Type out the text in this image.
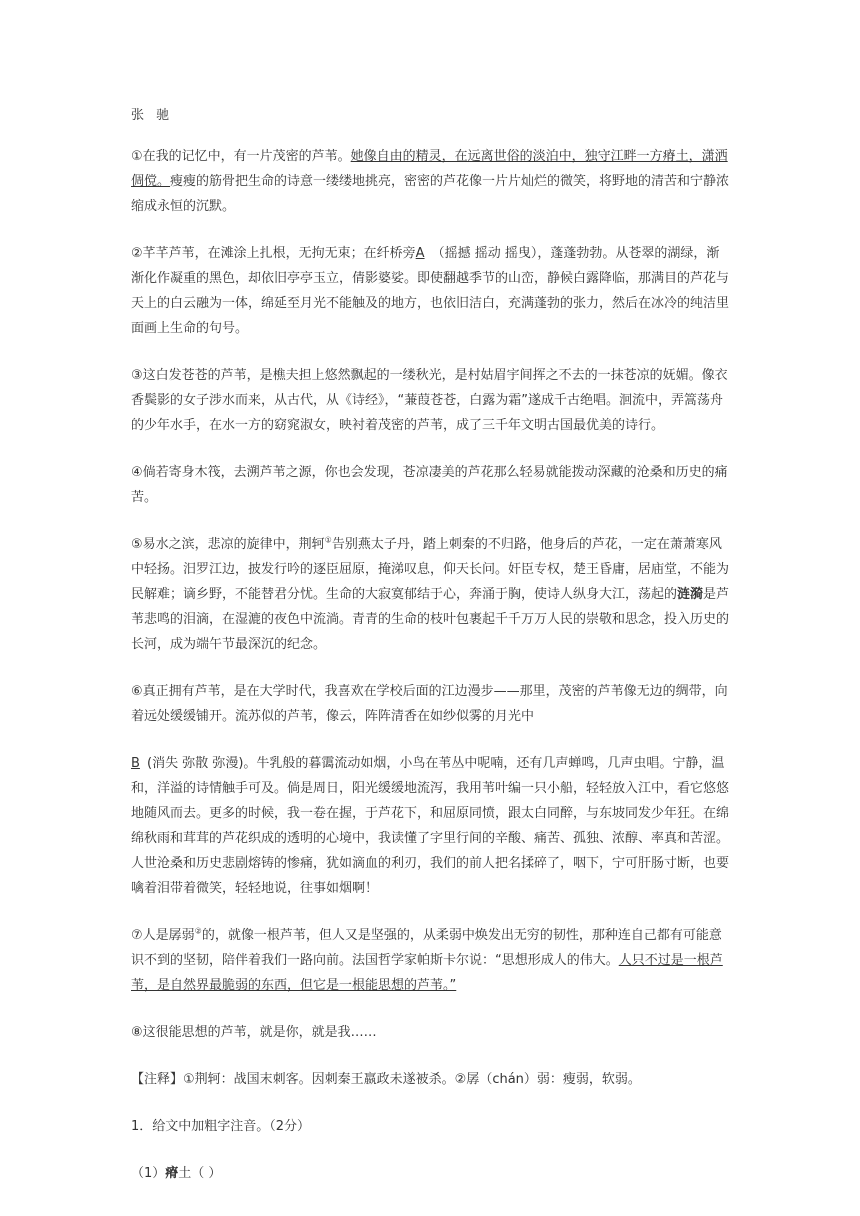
张 驰

①在我的记忆中，有一片茂密的芦苇。她像自由的精灵，在远离世俗的淡泊中，独守江畔一方瘠土，潇洒倜傥。瘦瘦的筋骨把生命的诗意一缕缕地挑亮，密密的芦花像一片片灿烂的微笑，将野地的清苦和宁静浓缩成永恒的沉默。

②芊芊芦苇，在滩涂上扎根，无拘无束；在纤桥旁A（摇撼 摇动 摇曳），蓬蓬勃勃。从苍翠的湖绿，渐渐化作凝重的黑色，却依旧亭亭玉立，倩影婆娑。即使翻越季节的山峦，静候白露降临，那满目的芦花与天上的白云融为一体，绵延至月光不能触及的地方，也依旧洁白，充满蓬勃的张力，然后在冰冷的纯洁里面画上生命的句号。

③这白发苍苍的芦苇，是樵夫担上悠然飘起的一缕秋光，是村姑眉宇间挥之不去的一抹苍凉的妩媚。像衣香鬓影的女子涉水而来，从古代，从《诗经》，“蒹葭苍苍，白露为霜”遂成千古绝唱。洄流中，弄篙荡舟的少年水手，在水一方的窈窕淑女，映衬着茂密的芦苇，成了三千年文明古国最优美的诗行。

④倘若寄身木筏，去溯芦苇之源，你也会发现，苍凉凄美的芦花那么轻易就能拨动深藏的沧桑和历史的痛苦。

⑤易水之滨，悲凉的旋律中，荆轲①告别燕太子丹，踏上刺秦的不归路，他身后的芦花，一定在萧萧寒风中轻扬。汨罗江边，披发行吟的逐臣屈原，掩涕叹息，仰天长问。奸臣专权，楚王昏庸，居庙堂，不能为民解难；谪乡野，不能替君分忧。生命的大寂寞郁结于心，奔涌于胸，使诗人纵身大江，荡起的涟漪是芦苇悲鸣的泪滴，在湿漉的夜色中流淌。青青的生命的枝叶包裹起千千万万人民的崇敬和思念，投入历史的长河，成为端午节最深沉的纪念。

⑥真正拥有芦苇，是在大学时代，我喜欢在学校后面的江边漫步——那里，茂密的芦苇像无边的绸带，向着远处缓缓铺开。流苏似的芦苇，像云，阵阵清香在如纱似雾的月光中

B (消失 弥散 弥漫)。牛乳般的暮霭流动如烟，小鸟在苇丛中呢喃，还有几声蝉鸣，几声虫唱。宁静，温和，洋溢的诗情触手可及。倘是周日，阳光缓缓地流泻，我用苇叶编一只小船，轻轻放入江中，看它悠悠地随风而去。更多的时候，我一卷在握，于芦花下，和屈原同愤，跟太白同醉，与东坡同发少年狂。在绵绵秋雨和茸茸的芦花织成的透明的心境中，我读懂了字里行间的辛酸、痛苦、孤独、浓醇、率真和苦涩。人世沧桑和历史悲剧熔铸的惨痛，犹如滴血的利刃，我们的前人把名揉碎了，咽下，宁可肝肠寸断，也要噙着泪带着微笑，轻轻地说，往事如烟啊！

⑦人是孱弱②的，就像一根芦苇，但人又是坚强的，从柔弱中焕发出无穷的韧性，那种连自己都有可能意识不到的坚韧，陪伴着我们一路向前。法国哲学家帕斯卡尔说：“思想形成人的伟大。人只不过是一根芦苇，是自然界最脆弱的东西，但它是一根能思想的芦苇。”

⑧这很能思想的芦苇，就是你，就是我……

【注释】①荆轲：战国末刺客。因刺秦王嬴政未遂被杀。②孱（chán）弱：瘦弱，软弱。

1．给文中加粗字注音。（2分）

（1）瘠土（ ）
